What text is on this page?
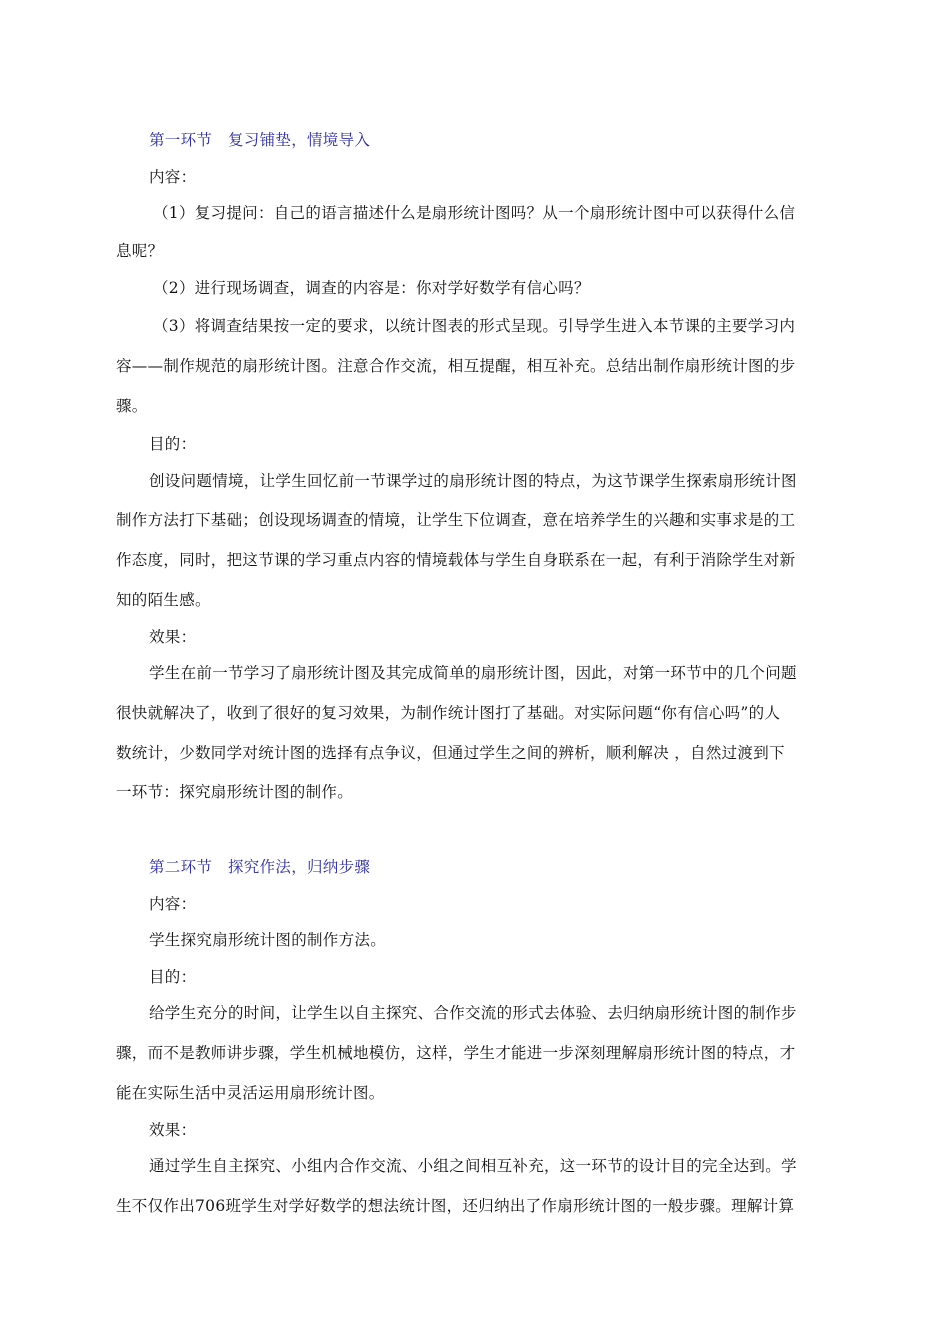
第一环节　复习铺垫，情境导入
内容：
（1）复习提问：自己的语言描述什么是扇形统计图吗？从一个扇形统计图中可以获得什么信
息呢？
（2）进行现场调查，调查的内容是：你对学好数学有信心吗？
（3）将调查结果按一定的要求，以统计图表的形式呈现。引导学生进入本节课的主要学习内
容——制作规范的扇形统计图。注意合作交流，相互提醒，相互补充。总结出制作扇形统计图的步
骤。
目的：
创设问题情境，让学生回忆前一节课学过的扇形统计图的特点，为这节课学生探索扇形统计图
制作方法打下基础；创设现场调查的情境，让学生下位调查，意在培养学生的兴趣和实事求是的工
作态度，同时，把这节课的学习重点内容的情境载体与学生自身联系在一起，有利于消除学生对新
知的陌生感。
效果：
学生在前一节学习了扇形统计图及其完成简单的扇形统计图，因此，对第一环节中的几个问题
很快就解决了，收到了很好的复习效果，为制作统计图打了基础。对实际问题“你有信心吗”的人
数统计，少数同学对统计图的选择有点争议，但通过学生之间的辨析，顺利解决 ，自然过渡到下
一环节：探究扇形统计图的制作。
第二环节　探究作法，归纳步骤
内容：
学生探究扇形统计图的制作方法。
目的：
给学生充分的时间，让学生以自主探究、合作交流的形式去体验、去归纳扇形统计图的制作步
骤，而不是教师讲步骤，学生机械地模仿，这样，学生才能进一步深刻理解扇形统计图的特点，才
能在实际生活中灵活运用扇形统计图。
效果：
通过学生自主探究、小组内合作交流、小组之间相互补充，这一环节的设计目的完全达到。学
生不仅作出706班学生对学好数学的想法统计图，还归纳出了作扇形统计图的一般步骤。理解计算
